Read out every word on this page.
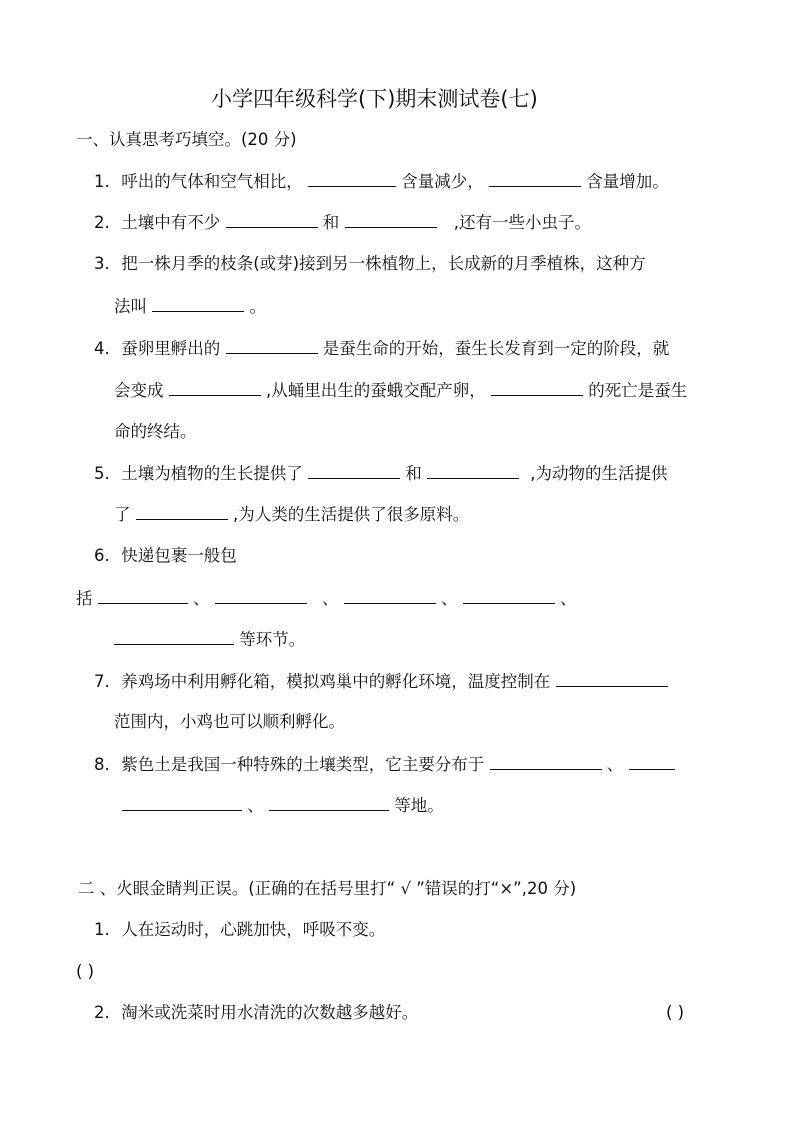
小学四年级科学(下)期末测试卷(七)
一、认真思考巧填空。(20 分)
1. 呼出的气体和空气相比，	含量减少，	含量增加。
2. 土壤中有不少	和	,还有一些小虫子。
3. 把一株月季的枝条(或芽)接到另一株植物上，长成新的月季植株，这种方
法叫	。
4. 蚕卵里孵出的	是蚕生命的开始，蚕生长发育到一定的阶段，就
会变成	,从蛹里出生的蚕蛾交配产卵，	的死亡是蚕生
命的终结。
5. 土壤为植物的生长提供了	和	,为动物的生活提供
了	,为人类的生活提供了很多原料。
6. 快递包裹一般包
括	、	、	、	、
等环节。
7. 养鸡场中利用孵化箱，模拟鸡巢中的孵化环境，温度控制在
范围内，小鸡也可以顺利孵化。
8. 紫色土是我国一种特殊的土壤类型，它主要分布于	、
、	等地。
二 、火眼金睛判正误。(正确的在括号里打“ √ ”错误的打“×”,20 分)
1. 人在运动时，心跳加快，呼吸不变。
( )
2. 淘米或洗菜时用水清洗的次数越多越好。	( )
